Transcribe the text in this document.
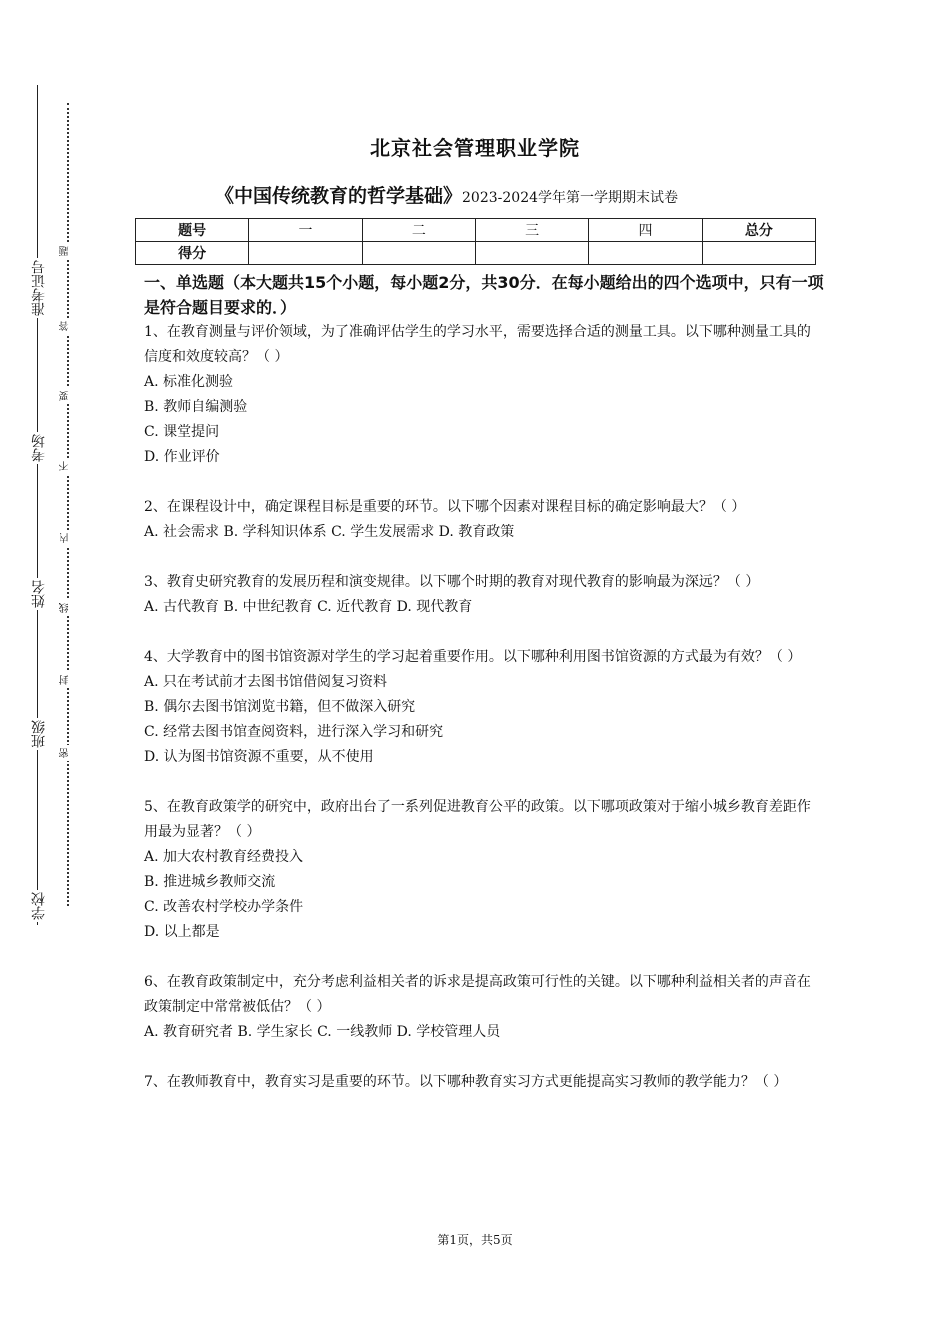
准考证号
考场
姓名
班级
学校
题
答
要
不
内
线
封
密
北京社会管理职业学院
《中国传统教育的哲学基础》2023-2024学年第一学期期末试卷
题号	一	二	三	四	总分
得分					

一、单选题（本大题共15个小题，每小题2分，共30分．在每小题给出的四个选项中，只有一项是符合题目要求的．）

1、在教育测量与评价领域，为了准确评估学生的学习水平，需要选择合适的测量工具。以下哪种测量工具的信度和效度较高？（ ）

A. 标准化测验

B. 教师自编测验

C. 课堂提问

D. 作业评价

2、在课程设计中，确定课程目标是重要的环节。以下哪个因素对课程目标的确定影响最大？（ ）

A. 社会需求 B. 学科知识体系 C. 学生发展需求 D. 教育政策

3、教育史研究教育的发展历程和演变规律。以下哪个时期的教育对现代教育的影响最为深远？（ ）

A. 古代教育 B. 中世纪教育 C. 近代教育 D. 现代教育

4、大学教育中的图书馆资源对学生的学习起着重要作用。以下哪种利用图书馆资源的方式最为有效？（ ）

A. 只在考试前才去图书馆借阅复习资料

B. 偶尔去图书馆浏览书籍，但不做深入研究

C. 经常去图书馆查阅资料，进行深入学习和研究

D. 认为图书馆资源不重要，从不使用

5、在教育政策学的研究中，政府出台了一系列促进教育公平的政策。以下哪项政策对于缩小城乡教育差距作用最为显著？（ ）

A. 加大农村教育经费投入

B. 推进城乡教师交流

C. 改善农村学校办学条件

D. 以上都是

6、在教育政策制定中，充分考虑利益相关者的诉求是提高政策可行性的关键。以下哪种利益相关者的声音在政策制定中常常被低估？（ ）

A. 教育研究者 B. 学生家长 C. 一线教师 D. 学校管理人员

7、在教师教育中，教育实习是重要的环节。以下哪种教育实习方式更能提高实习教师的教学能力？（ ）

第1页，共5页
